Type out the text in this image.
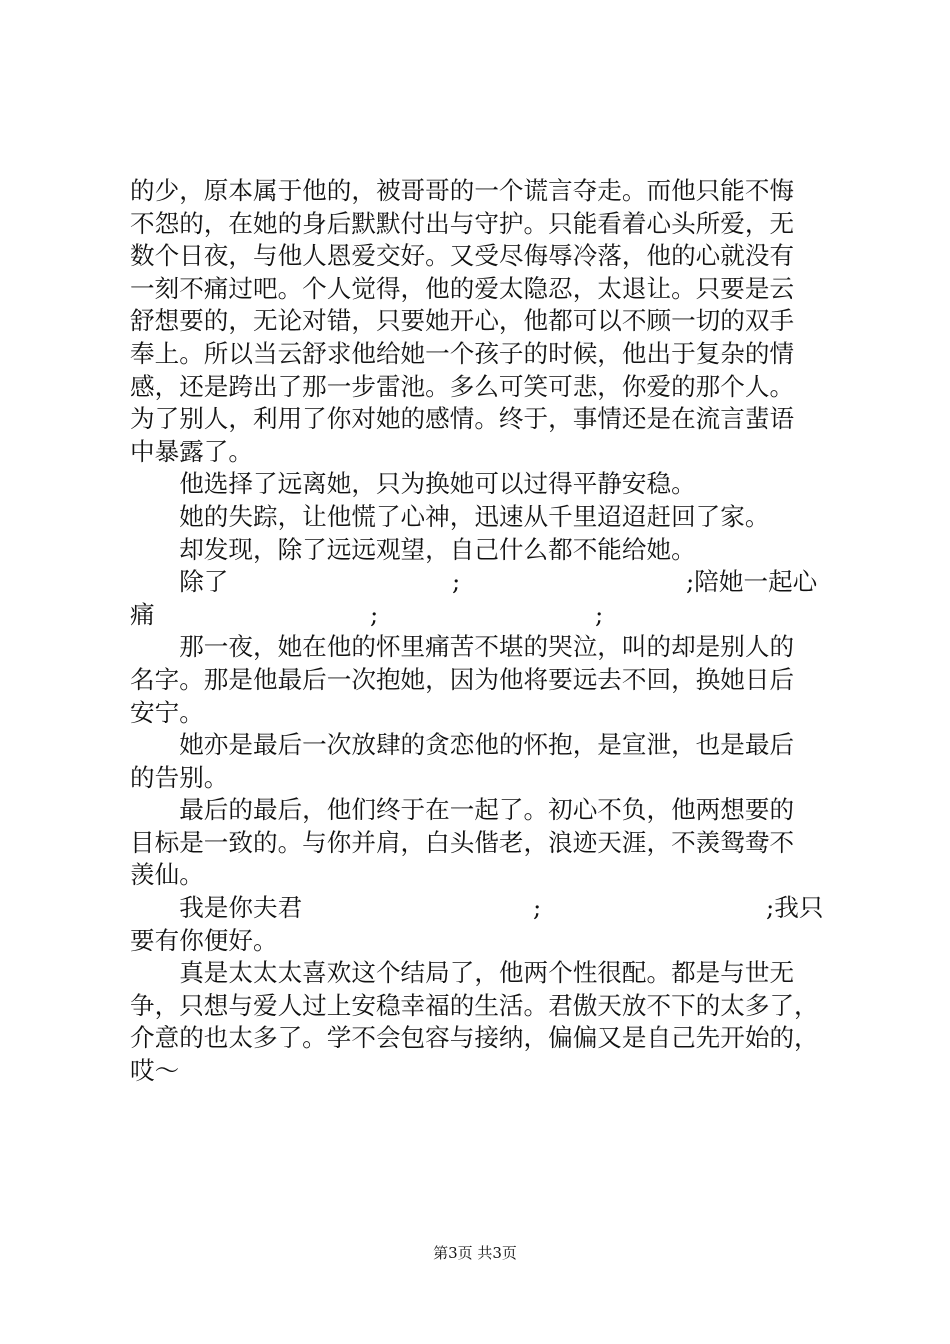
的少，原本属于他的，被哥哥的一个谎言夺走。而他只能不悔
不怨的，在她的身后默默付出与守护。只能看着心头所爱，无
数个日夜，与他人恩爱交好。又受尽侮辱冷落，他的心就没有
一刻不痛过吧。个人觉得，他的爱太隐忍，太退让。只要是云
舒想要的，无论对错，只要她开心，他都可以不顾一切的双手
奉上。所以当云舒求他给她一个孩子的时候，他出于复杂的情
感，还是跨出了那一步雷池。多么可笑可悲，你爱的那个人。
为了别人，利用了你对她的感情。终于，事情还是在流言蜚语
中暴露了。
　　他选择了远离她，只为换她可以过得平静安稳。
　　她的失踪，让他慌了心神，迅速从千里迢迢赶回了家。
　　却发现，除了远远观望，自己什么都不能给她。

　　除了

	;

	;陪她一起心

痛

	;

	;

　　那一夜，她在他的怀里痛苦不堪的哭泣，叫的却是别人的
名字。那是他最后一次抱她，因为他将要远去不回，换她日后
安宁。
　　她亦是最后一次放肆的贪恋他的怀抱，是宣泄，也是最后
的告别。
　　最后的最后，他们终于在一起了。初心不负，他两想要的
目标是一致的。与你并肩，白头偕老，浪迹天涯，不羡鸳鸯不
羡仙。

　　我是你夫君

	;

	;我只

要有你便好。
　　真是太太太喜欢这个结局了，他两个性很配。都是与世无
争，只想与爱人过上安稳幸福的生活。君傲天放不下的太多了，
介意的也太多了。学不会包容与接纳，偏偏又是自己先开始的，
哎～
第3页 共3页
